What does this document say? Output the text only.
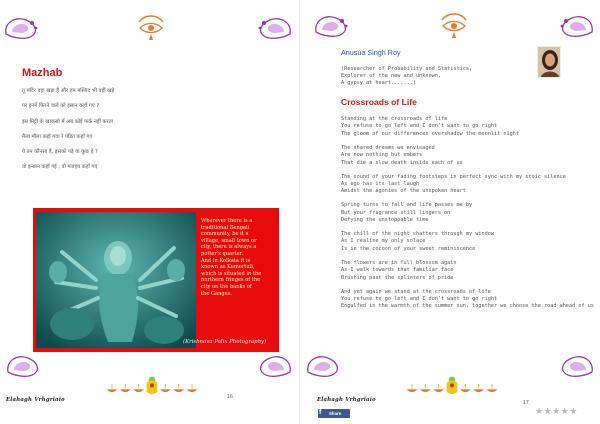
Mazhab
तू मंदिर वहा खड़ा है और हम मस्जिद भी वहीं खड़े
पर इनमें फिरने वाले को इंसान कहाँ गए ?
इस मिट्टी के खाकसो में अब कोई फर्क नहीं करता
मैला मौला कहाँ गया रे पंडित कहाँ गए
ये तन कौनसा है, इसको पड़े या कुछ हे ?
वो इन्सान कहाँ गई , वो मजहब कहाँ गए
Wherever there is a
traditional Bengali
community, be it a
village, small town or
city, there is always a
potter's quarter.
And in Kolkata it is
known as Kumortuli,
which is situated in the
northern fringes of the
city on the banks of
the Ganges.
(Krishnava Palix Photography)
Elahagh Vrhgriaio	16
Anusua Singh Roy
(Researcher of Probability and Statistics,
Explorer of the new and unknown,
A gypsy at heart.......)
Crossroads of Life
Standing at the crossroads of life
You refuse to go left and I don't want to go right
The gloom of our differences overshadow the moonlit night
The shared dreams we envisaged
Are now nothing but embers
That die a slow death inside each of us
The sound of your fading footsteps in perfect sync with my stoic silence
As ego has its last laugh
Amidst the agonies of the unspoken heart
Spring turns to fall and life passes me by
But your fragrance still lingers on
Defying the unstoppable time
The chill of the night shatters through my window
As I realise my only solace
Is in the cocoon of your sweet reminiscence
The flowers are in full blossom again
As I walk towards that familiar face
Brushing past the splinters of pride
And yet again we stand at the crossroads of life
You refuse to go left and I don't want to go right
Engulfed in the warmth of the summer sun, together we choose the road ahead of us
Elahagh Vrhgriaio	17
f Share	★★★★★
